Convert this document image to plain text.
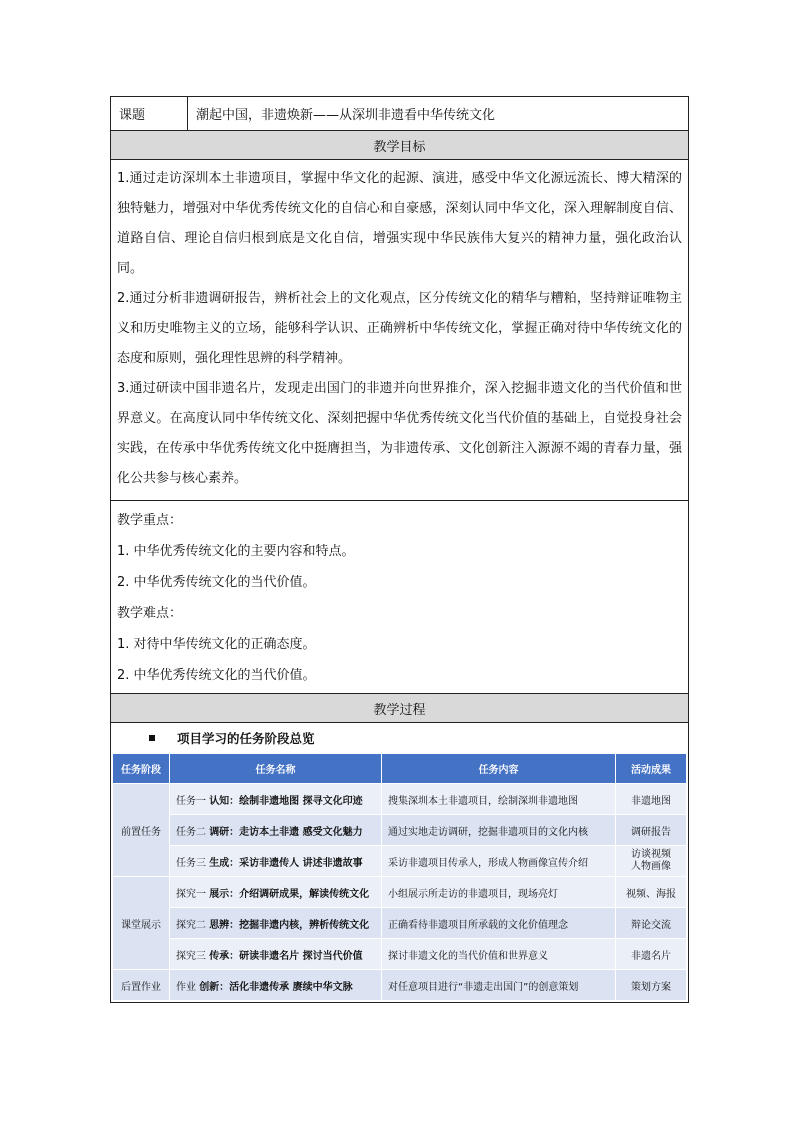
课题	潮起中国，非遗焕新——从深圳非遗看中华传统文化
教学目标

1.通过走访深圳本土非遗项目，掌握中华文化的起源、演进，感受中华文化源远流长、博大精深的独特魅力，增强对中华优秀传统文化的自信心和自豪感，深刻认同中华文化，深入理解制度自信、道路自信、理论自信归根到底是文化自信，增强实现中华民族伟大复兴的精神力量，强化政治认同。

2.通过分析非遗调研报告，辨析社会上的文化观点，区分传统文化的精华与糟粕，坚持辩证唯物主义和历史唯物主义的立场，能够科学认识、正确辨析中华传统文化，掌握正确对待中华传统文化的态度和原则，强化理性思辨的科学精神。

3.通过研读中国非遗名片，发现走出国门的非遗并向世界推介，深入挖掘非遗文化的当代价值和世界意义。在高度认同中华传统文化、深刻把握中华优秀传统文化当代价值的基础上，自觉投身社会实践，在传承中华优秀传统文化中挺膺担当，为非遗传承、文化创新注入源源不竭的青春力量，强化公共参与核心素养。

教学重点：

1. 中华优秀传统文化的主要内容和特点。

2. 中华优秀传统文化的当代价值。

教学难点：

1. 对待中华传统文化的正确态度。

2. 中华优秀传统文化的当代价值。

教学过程

项目学习的任务阶段总览
任务阶段	任务名称	任务内容	活动成果
前置任务	任务一 认知：绘制非遗地图 探寻文化印迹	搜集深圳本土非遗项目，绘制深圳非遗地图	非遗地图
任务二 调研：走访本土非遗 感受文化魅力	通过实地走访调研，挖掘非遗项目的文化内核	调研报告
任务三 生成：采访非遗传人 讲述非遗故事	采访非遗项目传承人，形成人物画像宣传介绍	访谈视频
人物画像
课堂展示	探究一 展示：介绍调研成果，解读传统文化	小组展示所走访的非遗项目，现场亮灯	视频、海报
探究二 思辨：挖掘非遗内核，辨析传统文化	正确看待非遗项目所承载的文化价值理念	辩论交流
探究三 传承：研读非遗名片 探讨当代价值	探讨非遗文化的当代价值和世界意义	非遗名片
后置作业	作业 创新：活化非遗传承 赓续中华文脉	对任意项目进行“非遗走出国门”的创意策划	策划方案
